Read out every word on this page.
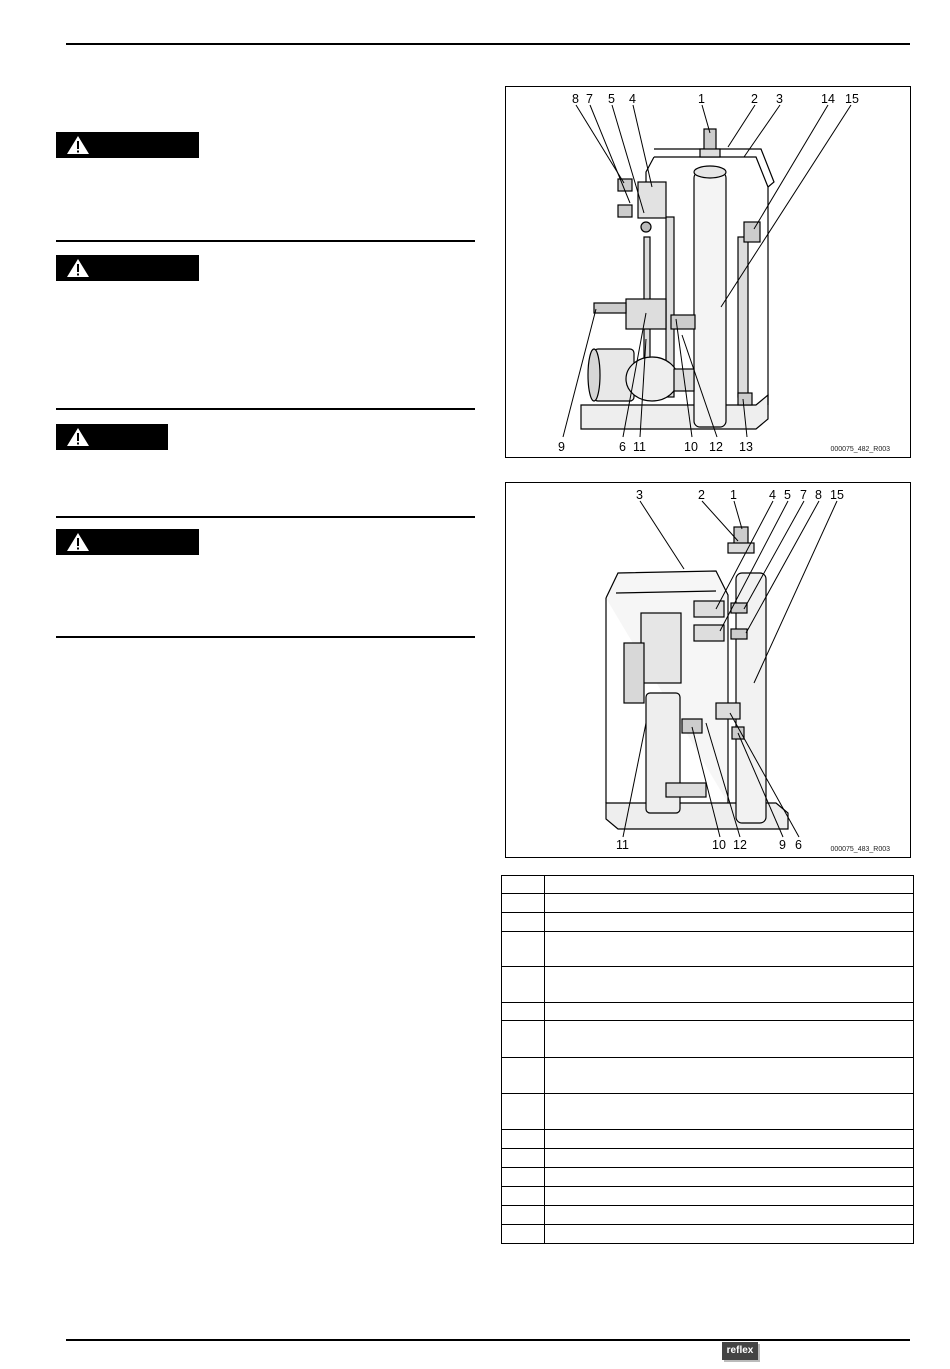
8 7 5 4	1	2 3	14 15
9	6 11	10 12 13	000075_482_R003
3	2 1	4 5 7 8 15
11	10 12	9 6	000075_483_R003

reflex
